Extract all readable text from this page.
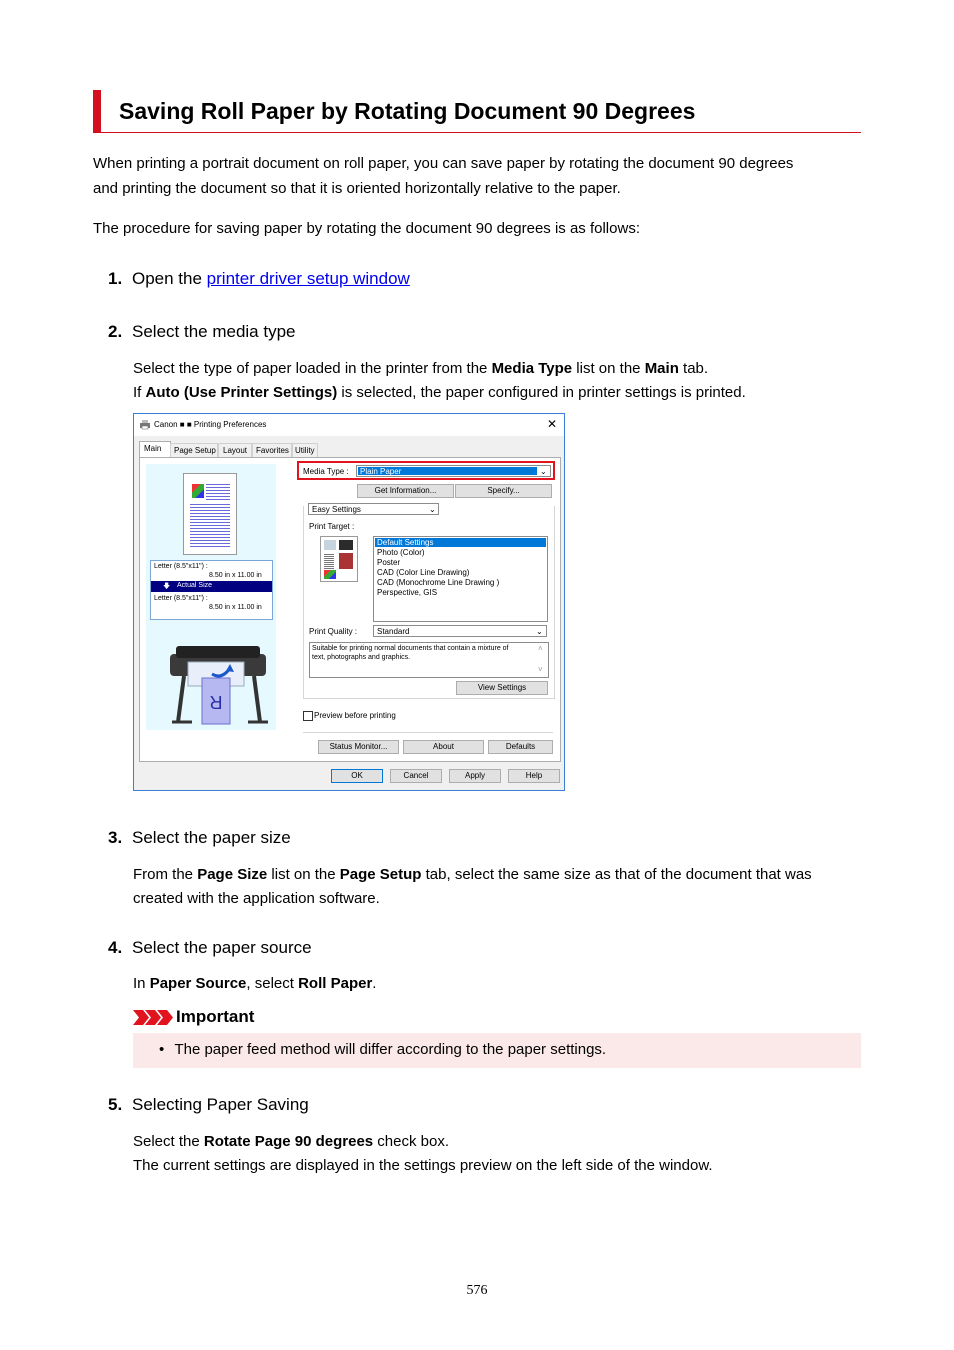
Saving Roll Paper by Rotating Document 90 Degrees
When printing a portrait document on roll paper, you can save paper by rotating the document 90 degrees
and printing the document so that it is oriented horizontally relative to the paper.
The procedure for saving paper by rotating the document 90 degrees is as follows:
1. Open the printer driver setup window
2. Select the media type
Select the type of paper loaded in the printer from the Media Type list on the Main tab.
If Auto (Use Printer Settings) is selected, the paper configured in printer settings is printed.
Canon ■ ■ Printing Preferences	✕
Main Page Setup Layout Favorites Utility
Letter (8.5"x11") :
8.50 in x 11.00 in
🡇 Actual Size
Letter (8.5"x11") :
8.50 in x 11.00 in
R
Media Type : Plain Paper	⌄
Get Information...	Specify...
Easy Settings	⌄
Print Target :
Default Settings
Photo (Color)
Poster
CAD (Color Line Drawing)
CAD (Monochrome Line Drawing )
Perspective, GIS
Print Quality :	Standard	⌄
Suitable for printing normal documents that contain a mixture of
text, photographs and graphics.
˄
˅
View Settings
Preview before printing
Status Monitor...	About	Defaults
OK	Cancel	Apply	Help
3. Select the paper size
From the Page Size list on the Page Setup tab, select the same size as that of the document that was
created with the application software.
4. Select the paper source
In Paper Source, select Roll Paper.
Important
• The paper feed method will differ according to the paper settings.
5. Selecting Paper Saving
Select the Rotate Page 90 degrees check box.
The current settings are displayed in the settings preview on the left side of the window.
576
